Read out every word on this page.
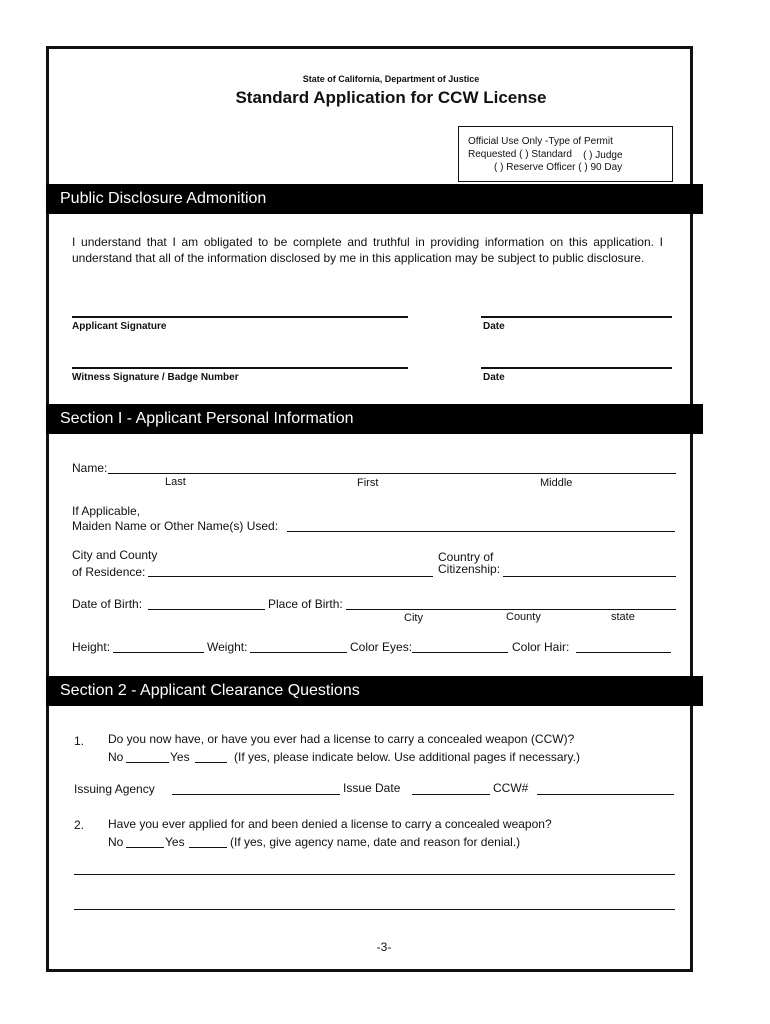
State of California, Department of Justice
Standard Application for CCW License
Official Use Only -Type of Permit
Requested ( ) Standard ( ) Judge
( ) Reserve Officer ( ) 90 Day
Public Disclosure Admonition
I understand that I am obligated to be complete and truthful in providing information on this application. I understand that all of the information disclosed by me in this application may be subject to public disclosure.
Applicant Signature	Date
Witness Signature / Badge Number	Date
Section I - Applicant Personal Information
Name:
Last	First	Middle
If Applicable,
Maiden Name or Other Name(s) Used:
City and County
of Residence:
Country of
Citizenship:
Date of Birth:	Place of Birth:
City	County	state
Height:	Weight:	Color Eyes:	Color Hair:
Section 2 - Applicant Clearance Questions
1. Do you now have, or have you ever had a license to carry a concealed weapon (CCW)?
No	Yes	(If yes, please indicate below. Use additional pages if necessary.)
Issuing Agency	Issue Date	CCW#
2. Have you ever applied for and been denied a license to carry a concealed weapon?
No	Yes	(If yes, give agency name, date and reason for denial.)
-3-
